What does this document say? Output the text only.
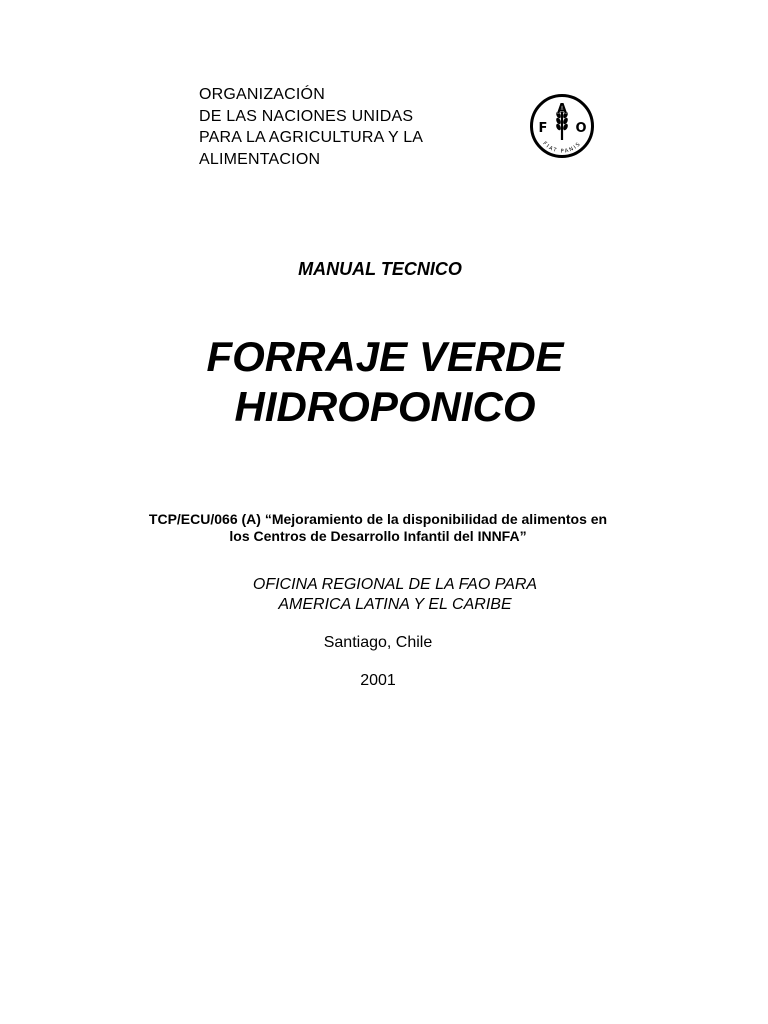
ORGANIZACIÓN
DE LAS NACIONES UNIDAS
PARA LA AGRICULTURA Y LA
ALIMENTACION
A
F O
FIAT PANIS
MANUAL TECNICO
FORRAJE VERDE
HIDROPONICO
TCP/ECU/066 (A) “Mejoramiento de la disponibilidad de alimentos en
los Centros de Desarrollo Infantil del INNFA”
OFICINA REGIONAL DE LA FAO PARA
AMERICA LATINA Y EL CARIBE
Santiago, Chile
2001
